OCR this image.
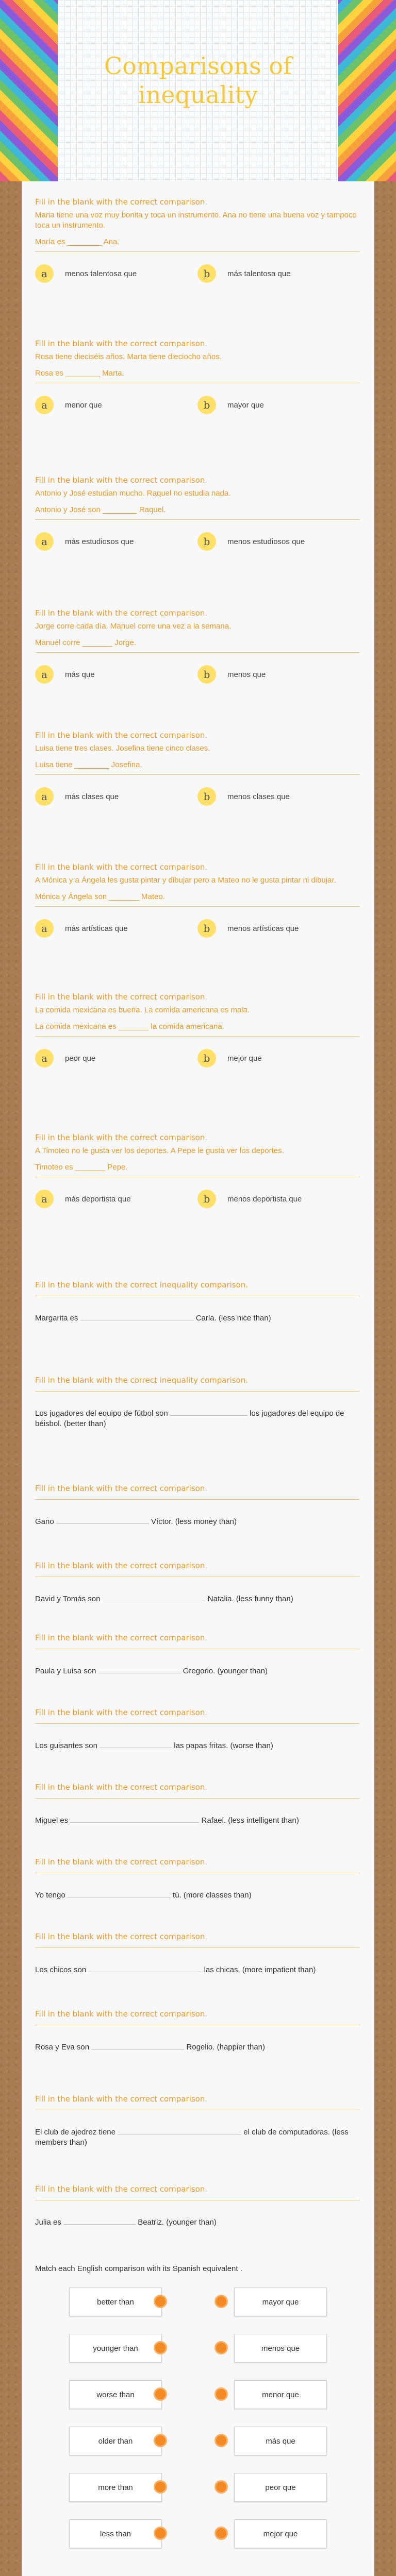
Comparisons of inequality
Fill in the blank with the correct comparison.
Maria tiene una voz muy bonita y toca un instrumento. Ana no tiene una buena voz y tampoco toca un instrumento.
María es ________ Ana.
a	menos talentosa que	b	más talentosa que
Fill in the blank with the correct comparison.
Rosa tiene dieciséis años. Marta tiene dieciocho años.
Rosa es ________ Marta.
a	menor que	b	mayor que
Fill in the blank with the correct comparison.
Antonio y José estudian mucho. Raquel no estudia nada.
Antonio y José son ________ Raquel.
a	más estudiosos que	b	menos estudiosos que
Fill in the blank with the correct comparison.
Jorge corre cada día. Manuel corre una vez a la semana.
Manuel corre _______ Jorge.
a	más que	b	menos que
Fill in the blank with the correct comparison.
Luisa tiene tres clases. Josefina tiene cinco clases.
Luisa tiene ________ Josefina.
a	más clases que	b	menos clases que
Fill in the blank with the correct comparison.
A Mónica y a Ángela les gusta pintar y dibujar pero a Mateo no le gusta pintar ni dibujar.
Mónica y Ángela son _______ Mateo.
a	más artísticas que	b	menos artísticas que
Fill in the blank with the correct comparison.
La comida mexicana es buena. La comida americana es mala.
La comida mexicana es _______ la comida americana.
a	peor que	b	mejor que
Fill in the blank with the correct comparison.
A Timoteo no le gusta ver los deportes. A Pepe le gusta ver los deportes.
Timoteo es _______ Pepe.
a	más deportista que	b	menos deportista que
Fill in the blank with the correct inequality comparison.
Margarita es	Carla. (less nice than)
Fill in the blank with the correct inequality comparison.
Los jugadores del equipo de fútbol son	los jugadores del equipo de béisbol. (better than)
Fill in the blank with the correct comparison.
Gano	Víctor. (less money than)
Fill in the blank with the correct comparison.
David y Tomás son	Natalia. (less funny than)
Fill in the blank with the correct comparison.
Paula y Luisa son	Gregorio. (younger than)
Fill in the blank with the correct comparison.
Los guisantes son	las papas fritas. (worse than)
Fill in the blank with the correct comparison.
Miguel es	Rafael. (less intelligent than)
Fill in the blank with the correct comparison.
Yo tengo	tú. (more classes than)
Fill in the blank with the correct comparison.
Los chicos son	las chicas. (more impatient than)
Fill in the blank with the correct comparison.
Rosa y Eva son	Rogelio. (happier than)
Fill in the blank with the correct comparison.
El club de ajedrez tiene	el club de computadoras. (less members than)
Fill in the blank with the correct comparison.
Julia es	Beatriz. (younger than)
Match each English comparison with its Spanish equivalent .
better than	mayor que
younger than	menos que
worse than	menor que
older than	más que
more than	peor que
less than	mejor que
